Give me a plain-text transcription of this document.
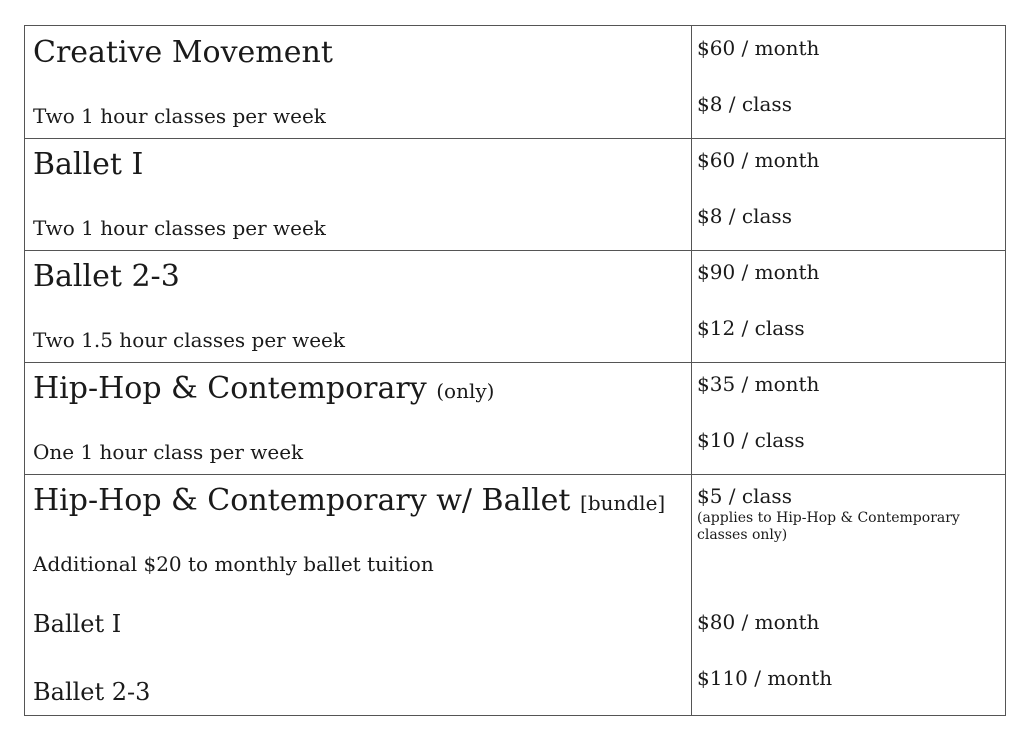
Creative Movement
Two 1 hour classes per week
$60 / month
$8 / class
Ballet I
Two 1 hour classes per week
$60 / month
$8 / class
Ballet 2-3
Two 1.5 hour classes per week
$90 / month
$12 / class
Hip-Hop & Contemporary (only)
One 1 hour class per week
$35 / month
$10 / class
Hip-Hop & Contemporary w/ Ballet [bundle]
Additional $20 to monthly ballet tuition
Ballet I
Ballet 2-3
$5 / class
(applies to Hip-Hop & Contemporary classes only)
$80 / month
$110 / month
